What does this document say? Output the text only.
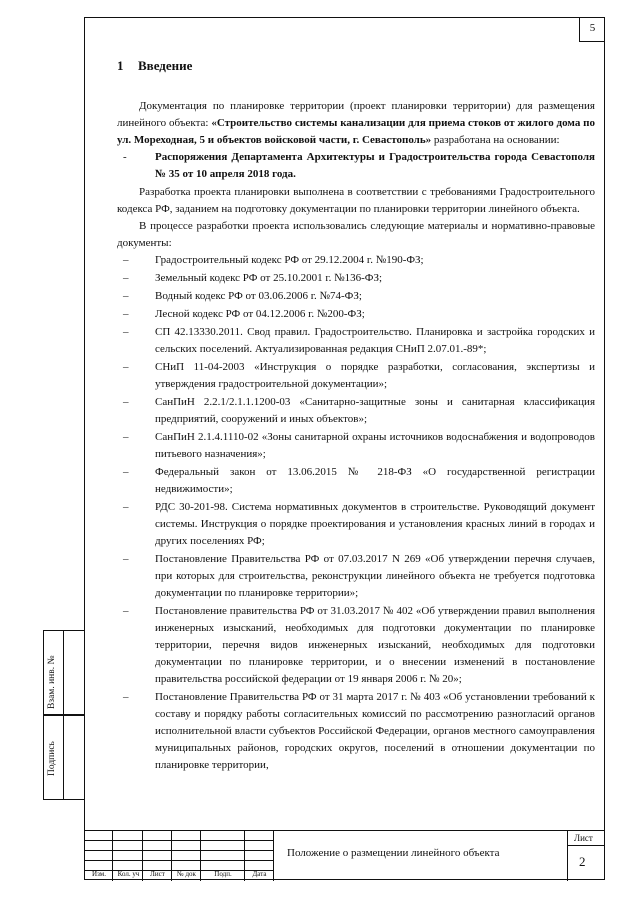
5
Взам. инв. №
Подпись
1 Введение

Документация по планировке территории (проект планировки территории) для размещения линейного объекта: «Строительство системы канализации для приема стоков от жилого дома по ул. Мореходная, 5 и объектов войсковой части, г. Севастополь» разработана на основании:

-	Распоряжения Департамента Архитектуры и Градостроительства города Севастополя № 35 от 10 апреля 2018 года.

Разработка проекта планировки выполнена в соответствии с требованиями Градостроительного кодекса РФ, заданием на подготовку документации по планировки территории линейного объекта.

В процессе разработки проекта использовались следующие материалы и нормативно-правовые документы:

– Градостроительный кодекс РФ от 29.12.2004 г. №190-ФЗ;
– Земельный кодекс РФ от 25.10.2001 г. №136-ФЗ;
– Водный кодекс РФ от 03.06.2006 г. №74-ФЗ;
– Лесной кодекс РФ от 04.12.2006 г. №200-ФЗ;
– СП 42.13330.2011. Свод правил. Градостроительство. Планировка и застройка городских и сельских поселений. Актуализированная редакция СНиП 2.07.01.-89*;
– СНиП 11-04-2003 «Инструкция о порядке разработки, согласования, экспертизы и утверждения градостроительной документации»;
– СанПиН 2.2.1/2.1.1.1200-03 «Санитарно-защитные зоны и санитарная классификация предприятий, сооружений и иных объектов»;
– СанПиН 2.1.4.1110-02 «Зоны санитарной охраны источников водоснабжения и водопроводов питьевого назначения»;
– Федеральный закон от 13.06.2015 № 218-ФЗ «О государственной регистрации недвижимости»;
– РДС 30-201-98. Система нормативных документов в строительстве. Руководящий документ системы. Инструкция о порядке проектирования и установления красных линий в городах и других поселениях РФ;
– Постановление Правительства РФ от 07.03.2017 N 269 «Об утверждении перечня случаев, при которых для строительства, реконструкции линейного объекта не требуется подготовка документации по планировке территории»;
– Постановление правительства РФ от 31.03.2017 № 402 «Об утверждении правил выполнения инженерных изысканий, необходимых для подготовки документации по планировке территории, перечня видов инженерных изысканий, необходимых для подготовки документации по планировке территории, и о внесении изменений в постановление правительства российской федерации от 19 января 2006 г. № 20»;
– Постановление Правительства РФ от 31 марта 2017 г. № 403 «Об установлении требований к составу и порядку работы согласительных комиссий по рассмотрению разногласий органов исполнительной власти субъектов Российской Федерации, органов местного самоуправления муниципальных районов, городских округов, поселений в отношении документации по планировке территории,
Изм.	Кол. уч	Лист	№ док	Подп.	Дата
Положение о размещении линейного объекта
Лист
2
